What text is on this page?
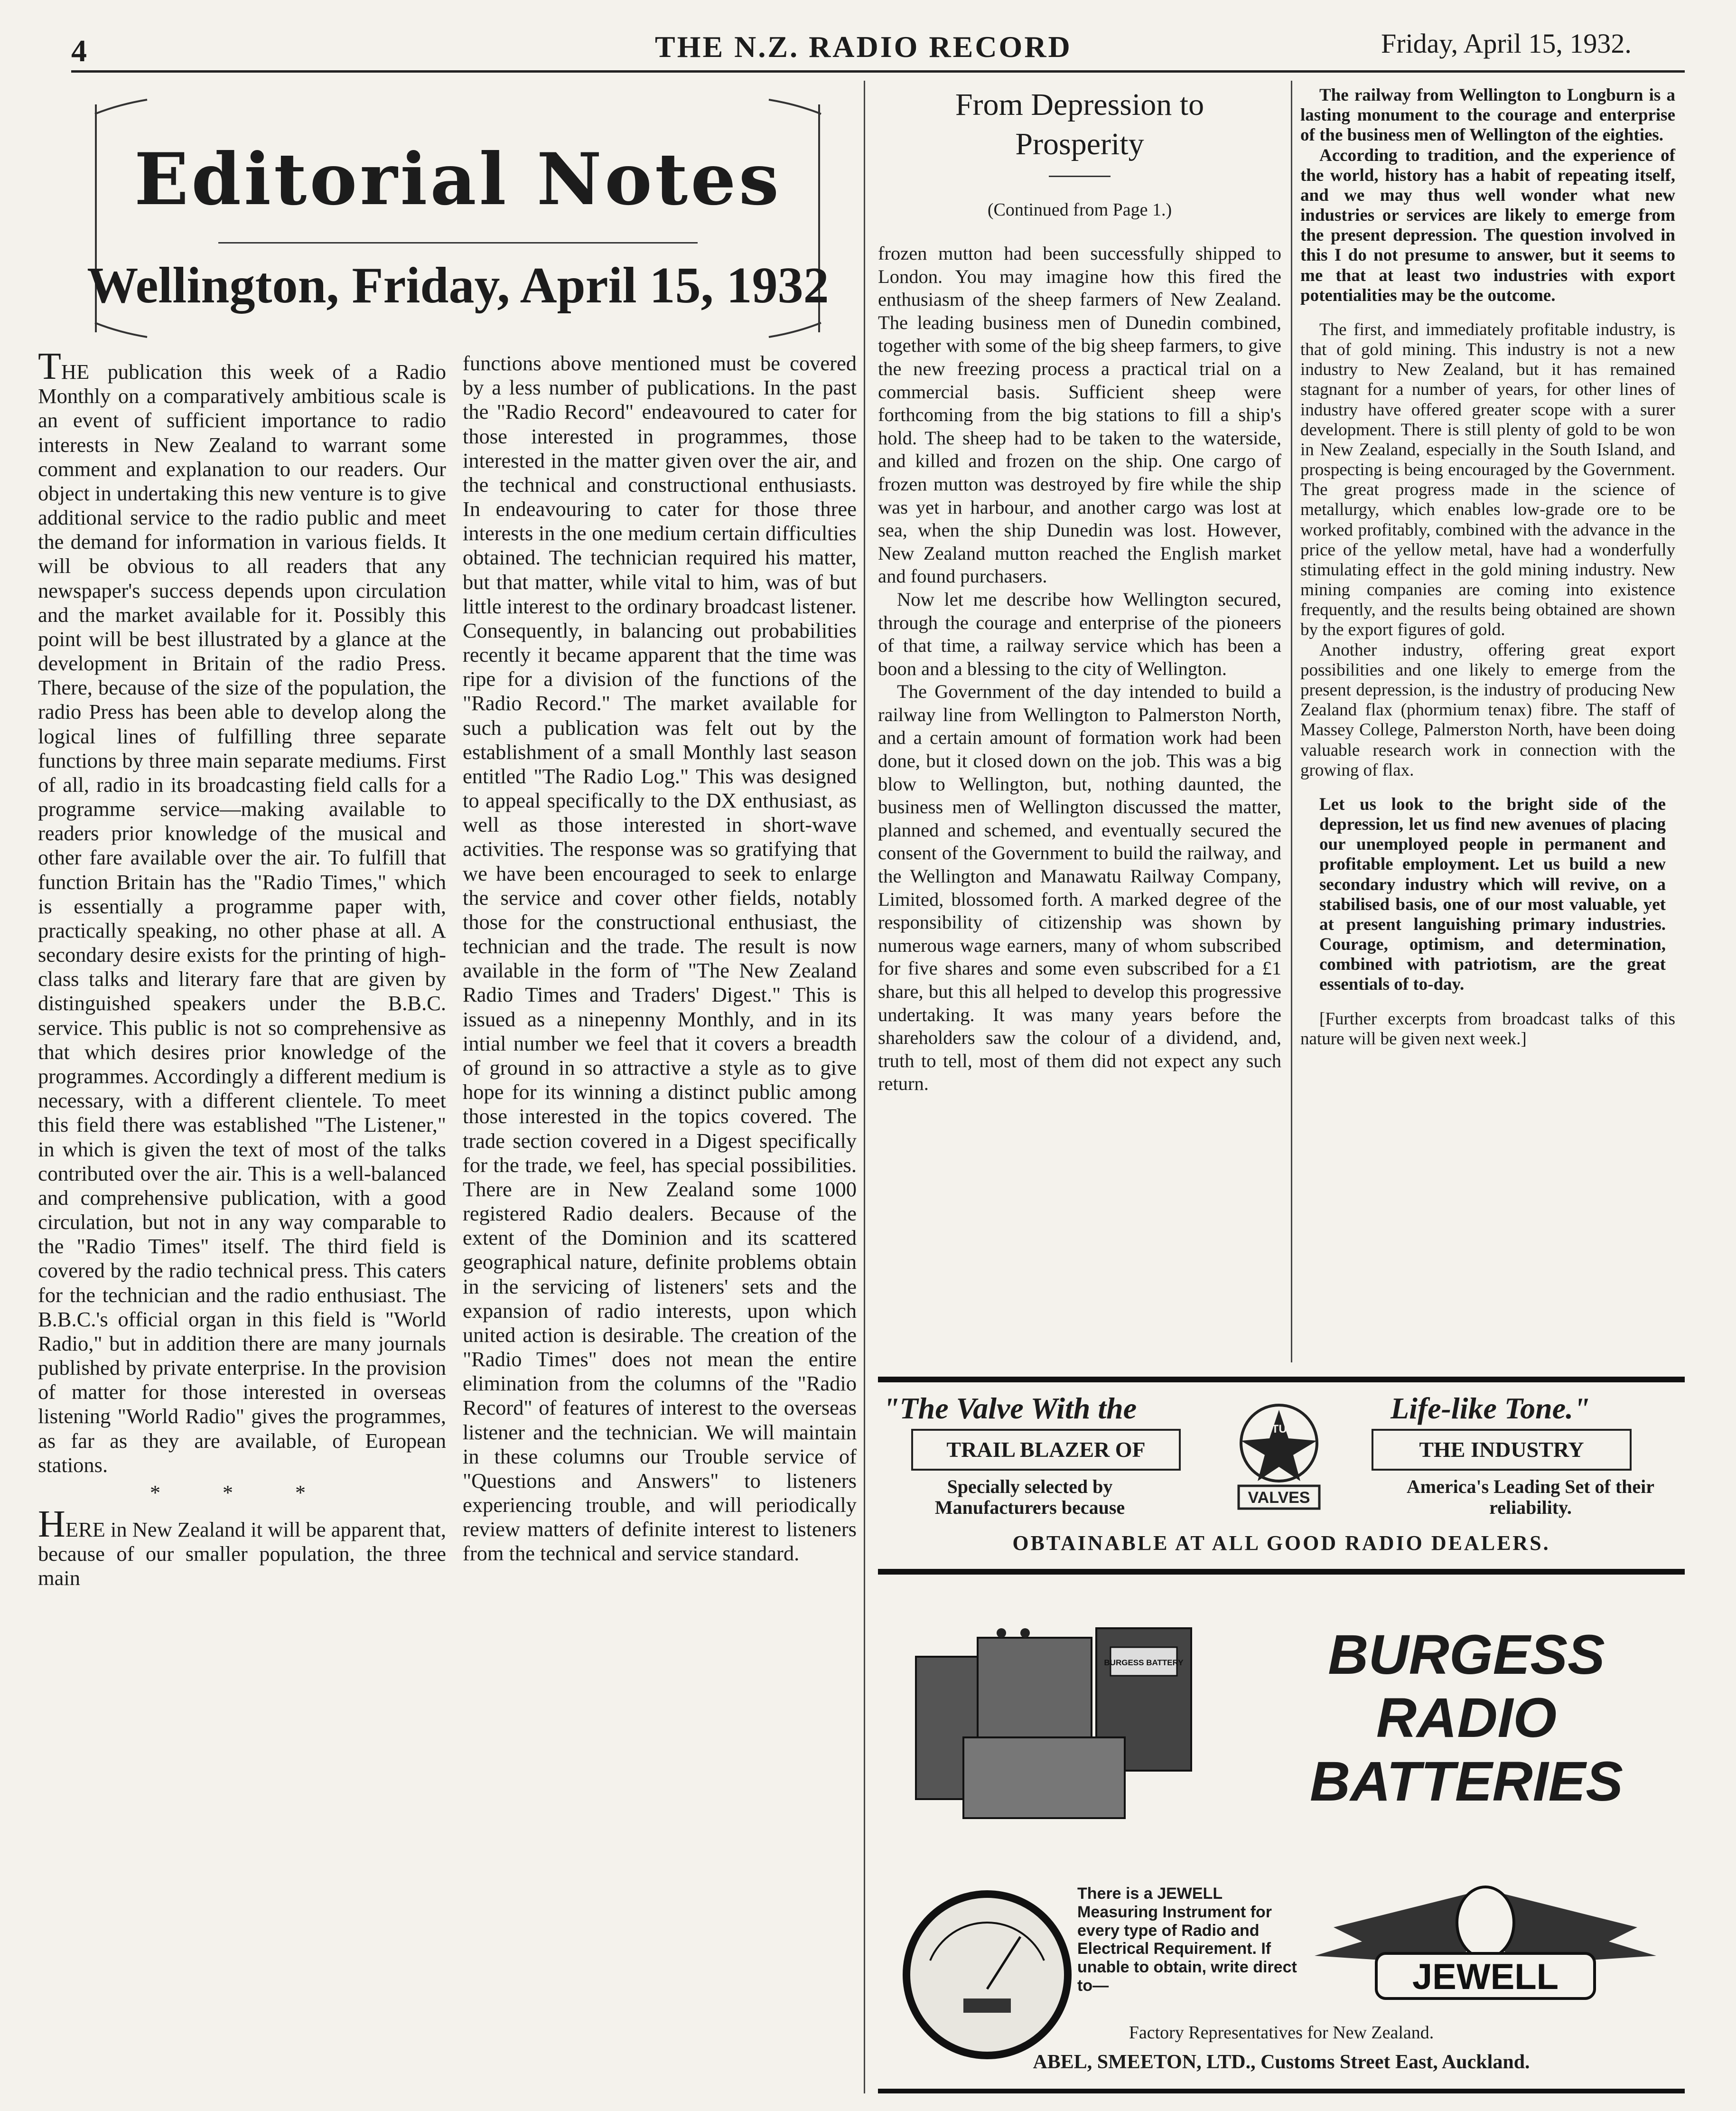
4	THE N.Z. RADIO RECORD	Friday, April 15, 1932.
Editorial Notes
Wellington, Friday, April 15, 1932

THE publication this week of a Radio Monthly on a comparatively ambitious scale is an event of sufficient importance to radio interests in New Zealand to warrant some comment and explanation to our readers. Our object in undertaking this new venture is to give additional service to the radio public and meet the demand for information in various fields. It will be obvious to all readers that any newspaper's success depends upon circulation and the market available for it. Possibly this point will be best illustrated by a glance at the development in Britain of the radio Press. There, because of the size of the population, the radio Press has been able to develop along the logical lines of fulfilling three separate functions by three main separate mediums. First of all, radio in its broadcasting field calls for a programme service—making available to readers prior knowledge of the musical and other fare available over the air. To fulfill that function Britain has the "Radio Times," which is essentially a programme paper with, practically speaking, no other phase at all. A secondary desire exists for the printing of high-class talks and literary fare that are given by distinguished speakers under the B.B.C. service. This public is not so comprehensive as that which desires prior knowledge of the programmes. Accordingly a different medium is necessary, with a different clientele. To meet this field there was established "The Listener," in which is given the text of most of the talks contributed over the air. This is a well-balanced and comprehensive publication, with a good circulation, but not in any way comparable to the "Radio Times" itself. The third field is covered by the radio technical press. This caters for the technician and the radio enthusiast. The B.B.C.'s official organ in this field is "World Radio," but in addition there are many journals published by private enterprise. In the provision of matter for those interested in overseas listening "World Radio" gives the programmes, as far as they are available, of European stations.

* * *

HERE in New Zealand it will be apparent that, because of our smaller population, the three main

functions above mentioned must be covered by a less number of publications. In the past the "Radio Record" endeavoured to cater for those interested in programmes, those interested in the matter given over the air, and the technical and constructional enthusiasts. In endeavouring to cater for those three interests in the one medium certain difficulties obtained. The technician required his matter, but that matter, while vital to him, was of but little interest to the ordinary broadcast listener. Consequently, in balancing out probabilities recently it became apparent that the time was ripe for a division of the functions of the "Radio Record." The market available for such a publication was felt out by the establishment of a small Monthly last season entitled "The Radio Log." This was designed to appeal specifically to the DX enthusiast, as well as those interested in short-wave activities. The response was so gratifying that we have been encouraged to seek to enlarge the service and cover other fields, notably those for the constructional enthusiast, the technician and the trade. The result is now available in the form of "The New Zealand Radio Times and Traders' Digest." This is issued as a ninepenny Monthly, and in its intial number we feel that it covers a breadth of ground in so attractive a style as to give hope for its winning a distinct public among those interested in the topics covered. The trade section covered in a Digest specifically for the trade, we feel, has special possibilities. There are in New Zealand some 1000 registered Radio dealers. Because of the extent of the Dominion and its scattered geographical nature, definite problems obtain in the servicing of listeners' sets and the expansion of radio interests, upon which united action is desirable. The creation of the "Radio Times" does not mean the entire elimination from the columns of the "Radio Record" of features of interest to the overseas listener and the technician. We will maintain in these columns our Trouble service of "Questions and Answers" to listeners experiencing trouble, and will periodically review matters of definite interest to listeners from the technical and service standard.

From Depression to
Prosperity
(Continued from Page 1.)

frozen mutton had been successfully shipped to London. You may imagine how this fired the enthusiasm of the sheep farmers of New Zealand. The leading business men of Dunedin combined, together with some of the big sheep farmers, to give the new freezing process a practical trial on a commercial basis. Sufficient sheep were forthcoming from the big stations to fill a ship's hold. The sheep had to be taken to the waterside, and killed and frozen on the ship. One cargo of frozen mutton was destroyed by fire while the ship was yet in harbour, and another cargo was lost at sea, when the ship Dunedin was lost. However, New Zealand mutton reached the English market and found purchasers.

Now let me describe how Wellington secured, through the courage and enterprise of the pioneers of that time, a railway service which has been a boon and a blessing to the city of Wellington.

The Government of the day intended to build a railway line from Wellington to Palmerston North, and a certain amount of formation work had been done, but it closed down on the job. This was a big blow to Wellington, but, nothing daunted, the business men of Wellington discussed the matter, planned and schemed, and eventually secured the consent of the Government to build the railway, and the Wellington and Manawatu Railway Company, Limited, blossomed forth. A marked degree of the responsibility of citizenship was shown by numerous wage earners, many of whom subscribed for five shares and some even subscribed for a £1 share, but this all helped to develop this progressive undertaking. It was many years before the shareholders saw the colour of a dividend, and, truth to tell, most of them did not expect any such return.

The railway from Wellington to Longburn is a lasting monument to the courage and enterprise of the business men of Wellington of the eighties.

According to tradition, and the experience of the world, history has a habit of repeating itself, and we may thus well wonder what new industries or services are likely to emerge from the present depression. The question involved in this I do not presume to answer, but it seems to me that at least two industries with export potentialities may be the outcome.

The first, and immediately profitable industry, is that of gold mining. This industry is not a new industry to New Zealand, but it has remained stagnant for a number of years, for other lines of industry have offered greater scope with a surer development. There is still plenty of gold to be won in New Zealand, especially in the South Island, and prospecting is being encouraged by the Government. The great progress made in the science of metallurgy, which enables low-grade ore to be worked profitably, combined with the advance in the price of the yellow metal, have had a wonderfully stimulating effect in the gold mining industry. New mining companies are coming into existence frequently, and the results being obtained are shown by the export figures of gold.

Another industry, offering great export possibilities and one likely to emerge from the present depression, is the industry of producing New Zealand flax (phormium tenax) fibre. The staff of Massey College, Palmerston North, have been doing valuable research work in connection with the growing of flax.

Let us look to the bright side of the depression, let us find new avenues of placing our unemployed people in permanent and profitable employment. Let us build a new secondary industry which will revive, on a stabilised basis, one of our most valuable, yet at present languishing primary industries. Courage, optimism, and determination, combined with patriotism, are the great essentials of to-day.

[Further excerpts from broadcast talks of this nature will be given next week.]

"The Valve With the	Life-like Tone."
TRAIL BLAZER OF	THE INDUSTRY
ARCTURUS
VALVES
Specially selected by Manufacturers because
America's Leading Set of their reliability.
OBTAINABLE AT ALL GOOD RADIO DEALERS.
BURGESS BATTERY	BURGESS
RADIO
BATTERIES
There is a JEWELL Measuring Instrument for every type of Radio and Electrical Requirement. If unable to obtain, write direct to—	JEWELL
Factory Representatives for New Zealand.
ABEL, SMEETON, LTD., Customs Street East, Auckland.
